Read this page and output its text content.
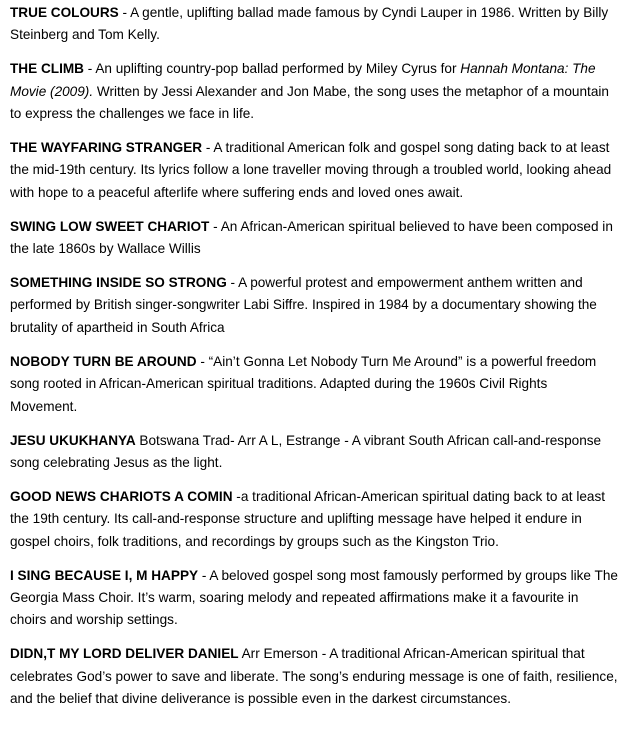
TRUE COLOURS - A gentle, uplifting ballad made famous by Cyndi Lauper in 1986. Written by Billy Steinberg and Tom Kelly.

THE CLIMB - An uplifting country-pop ballad performed by Miley Cyrus for Hannah Montana: The Movie (2009). Written by Jessi Alexander and Jon Mabe, the song uses the metaphor of a mountain to express the challenges we face in life.

THE WAYFARING STRANGER - A traditional American folk and gospel song dating back to at least the mid-19th century. Its lyrics follow a lone traveller moving through a troubled world, looking ahead with hope to a peaceful afterlife where suffering ends and loved ones await.

SWING LOW SWEET CHARIOT - An African-American spiritual believed to have been composed in the late 1860s by Wallace Willis

SOMETHING INSIDE SO STRONG - A powerful protest and empowerment anthem written and performed by British singer-songwriter Labi Siffre. Inspired in 1984 by a documentary showing the brutality of apartheid in South Africa

NOBODY TURN BE AROUND - “Ain’t Gonna Let Nobody Turn Me Around” is a powerful freedom song rooted in African-American spiritual traditions. Adapted during the 1960s Civil Rights Movement.

JESU UKUKHANYA Botswana Trad- Arr A L, Estrange - A vibrant South African call-and-response song celebrating Jesus as the light.

GOOD NEWS CHARIOTS A COMIN -a traditional African-American spiritual dating back to at least the 19th century. Its call-and-response structure and uplifting message have helped it endure in gospel choirs, folk traditions, and recordings by groups such as the Kingston Trio.

I SING BECAUSE I, M HAPPY - A beloved gospel song most famously performed by groups like The Georgia Mass Choir. It’s warm, soaring melody and repeated affirmations make it a favourite in choirs and worship settings.

DIDN,T MY LORD DELIVER DANIEL Arr Emerson - A traditional African-American spiritual that celebrates God’s power to save and liberate. The song’s enduring message is one of faith, resilience, and the belief that divine deliverance is possible even in the darkest circumstances.
